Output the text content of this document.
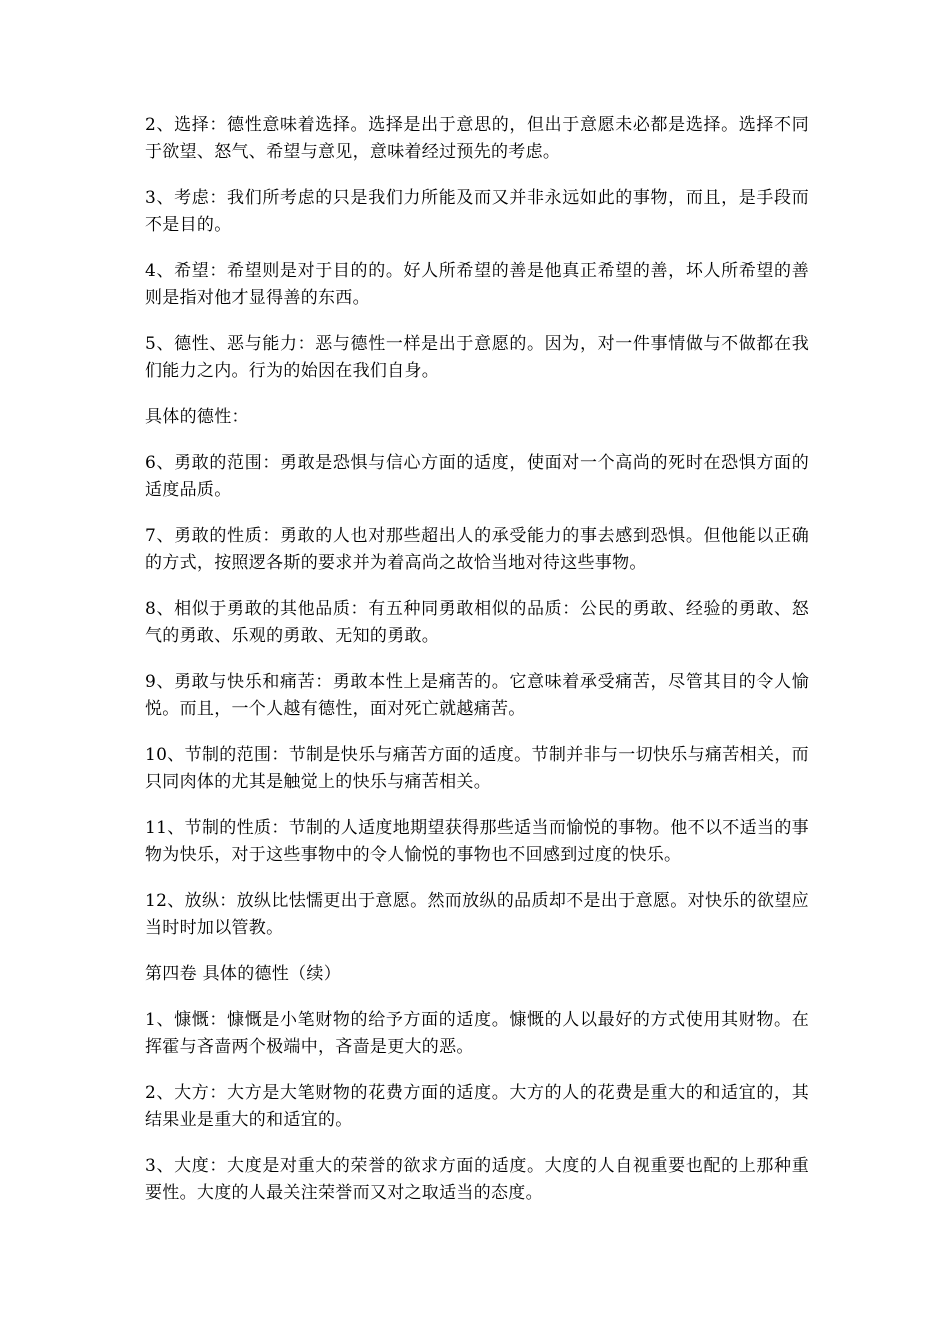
2、选择：德性意味着选择。选择是出于意思的，但出于意愿未必都是选择。选择不同于欲望、怒气、希望与意见，意味着经过预先的考虑。

3、考虑：我们所考虑的只是我们力所能及而又并非永远如此的事物，而且，是手段而不是目的。

4、希望：希望则是对于目的的。好人所希望的善是他真正希望的善，坏人所希望的善则是指对他才显得善的东西。

5、德性、恶与能力：恶与德性一样是出于意愿的。因为，对一件事情做与不做都在我们能力之内。行为的始因在我们自身。

具体的德性：

6、勇敢的范围：勇敢是恐惧与信心方面的适度，使面对一个高尚的死时在恐惧方面的适度品质。

7、勇敢的性质：勇敢的人也对那些超出人的承受能力的事去感到恐惧。但他能以正确的方式，按照逻各斯的要求并为着高尚之故恰当地对待这些事物。

8、相似于勇敢的其他品质：有五种同勇敢相似的品质：公民的勇敢、经验的勇敢、怒气的勇敢、乐观的勇敢、无知的勇敢。

9、勇敢与快乐和痛苦：勇敢本性上是痛苦的。它意味着承受痛苦，尽管其目的令人愉悦。而且，一个人越有德性，面对死亡就越痛苦。

10、节制的范围：节制是快乐与痛苦方面的适度。节制并非与一切快乐与痛苦相关，而只同肉体的尤其是触觉上的快乐与痛苦相关。

11、节制的性质：节制的人适度地期望获得那些适当而愉悦的事物。他不以不适当的事物为快乐，对于这些事物中的令人愉悦的事物也不回感到过度的快乐。

12、放纵：放纵比怯懦更出于意愿。然而放纵的品质却不是出于意愿。对快乐的欲望应当时时加以管教。

第四卷 具体的德性（续）

1、慷慨：慷慨是小笔财物的给予方面的适度。慷慨的人以最好的方式使用其财物。在挥霍与吝啬两个极端中，吝啬是更大的恶。

2、大方：大方是大笔财物的花费方面的适度。大方的人的花费是重大的和适宜的，其结果业是重大的和适宜的。

3、大度：大度是对重大的荣誉的欲求方面的适度。大度的人自视重要也配的上那种重要性。大度的人最关注荣誉而又对之取适当的态度。
